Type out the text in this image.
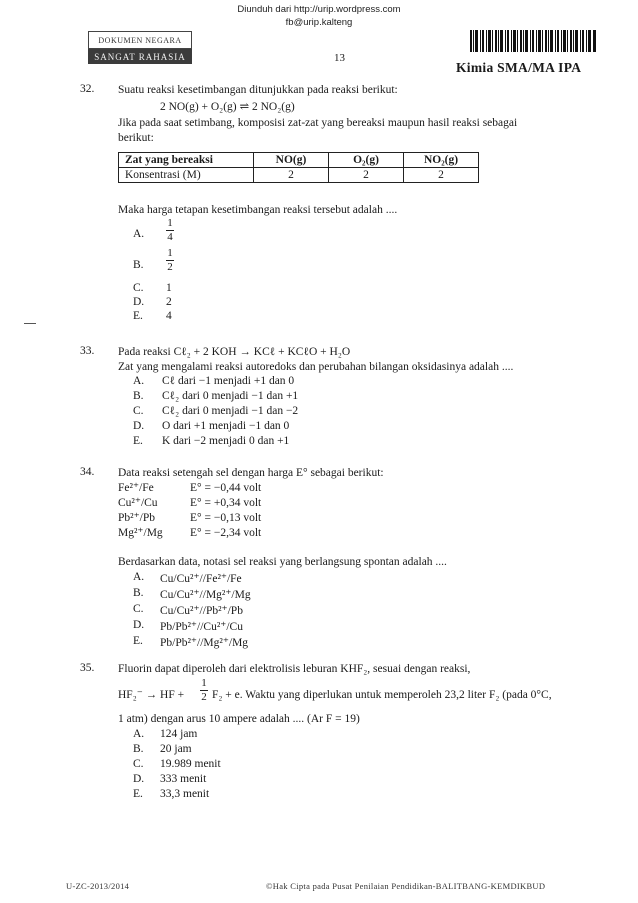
Diunduh dari http://urip.wordpress.com
fb@urip.kalteng
DOKUMEN NEGARA
SANGAT RAHASIA	13
Kimia SMA/MA IPA
32. Suatu reaksi kesetimbangan ditunjukkan pada reaksi berikut:
2 NO(g) + O₂(g) ⇌ 2 NO₂(g)
Jika pada saat setimbang, komposisi zat-zat yang bereaksi maupun hasil reaksi sebagai
berikut:
Zat yang bereaksi	NO(g)	O₂(g)	NO₂(g)
Konsentrasi (M)	2	2	2
Maka harga tetapan kesetimbangan reaksi tersebut adalah ....
A.
1
4
B.
1
2
C. 1
D. 2
E. 4
33. Pada reaksi Cℓ₂ + 2 KOH → KCℓ + KCℓO + H₂O
Zat yang mengalami reaksi autoredoks dan perubahan bilangan oksidasinya adalah ....
A. Cℓ dari −1 menjadi +1 dan 0
B. Cℓ₂ dari 0 menjadi −1 dan +1
C. Cℓ₂ dari 0 menjadi −1 dan −2
D. O dari +1 menjadi −1 dan 0
E. K dari −2 menjadi 0 dan +1
34. Data reaksi setengah sel dengan harga E° sebagai berikut:
Fe²⁺/Fe	E° = −0,44 volt
Cu²⁺/Cu	E° = +0,34 volt
Pb²⁺/Pb	E° = −0,13 volt
Mg²⁺/Mg E° = −2,34 volt
Berdasarkan data, notasi sel reaksi yang berlangsung spontan adalah ....
A. Cu/Cu²⁺//Fe²⁺/Fe
B. Cu/Cu²⁺//Mg²⁺/Mg
C. Cu/Cu²⁺//Pb²⁺/Pb
D. Pb/Pb²⁺//Cu²⁺/Cu
E. Pb/Pb²⁺//Mg²⁺/Mg
35. Fluorin dapat diperoleh dari elektrolisis leburan KHF₂, sesuai dengan reaksi,
HF₂⁻ → HF +
1
2 F₂ + e. Waktu yang diperlukan untuk memperoleh 23,2 liter F₂ (pada 0°C,
1 atm) dengan arus 10 ampere adalah .... (Ar F = 19)
A. 124 jam
B. 20 jam
C. 19.989 menit
D. 333 menit
E. 33,3 menit
U-ZC-2013/2014	©Hak Cipta pada Pusat Penilaian Pendidikan-BALITBANG-KEMDIKBUD
